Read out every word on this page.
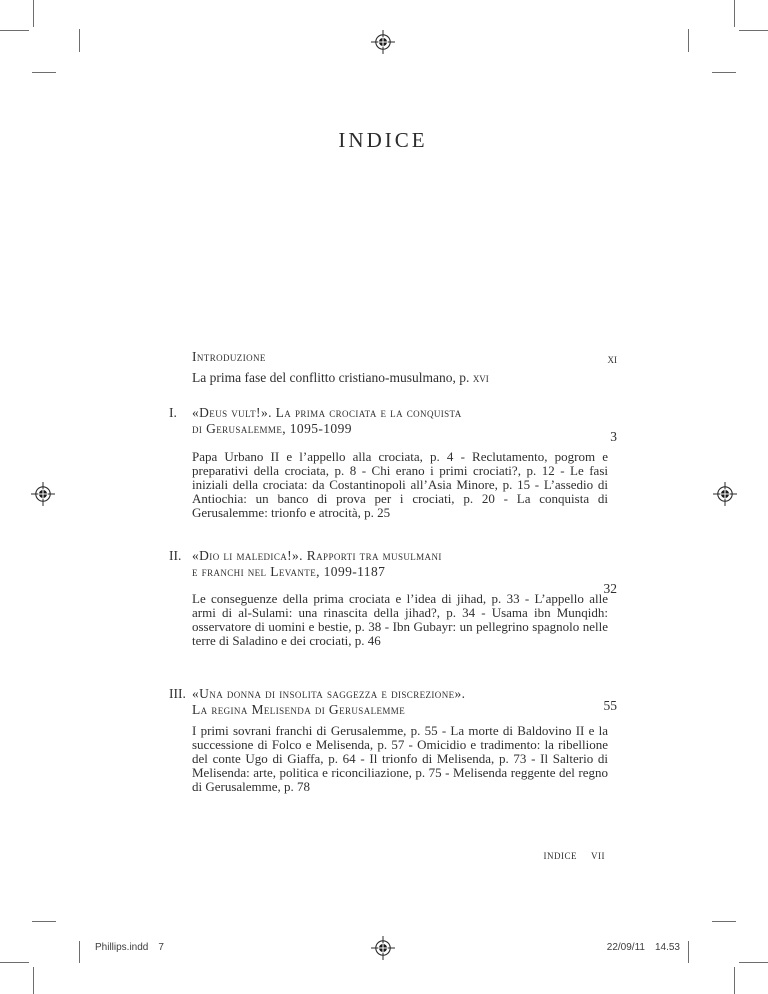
INDICE
Introduzione	xi
La prima fase del conflitto cristiano-musulmano, p. xvi
I. «Deus vult!». La prima crociata e la conquista
di Gerusalemme, 1095-1099
3
Papa Urbano II e l’appello alla crociata, p. 4 - Reclutamento, pogrom e preparativi della crociata, p. 8 - Chi erano i primi crociati?, p. 12 - Le fasi iniziali della crociata: da Costantinopoli all’Asia Minore, p. 15 - L’assedio di Antiochia: un banco di prova per i crociati, p. 20 - La conquista di Gerusalemme: trionfo e atrocità, p. 25
II. «Dio li maledica!». Rapporti tra musulmani
e franchi nel Levante, 1099-1187
32
Le conseguenze della prima crociata e l’idea di jihad, p. 33 - L’appello alle armi di al-Sulami: una rinascita della jihad?, p. 34 - Usama ibn Munqidh: osservatore di uomini e bestie, p. 38 - Ibn Gubayr: un pellegrino spagnolo nelle terre di Saladino e dei crociati, p. 46
III. «Una donna di insolita saggezza e discrezione».
La regina Melisenda di Gerusalemme	55
I primi sovrani franchi di Gerusalemme, p. 55 - La morte di Baldovino II e la successione di Folco e Melisenda, p. 57 - Omicidio e tradimento: la ribellione del conte Ugo di Giaffa, p. 64 - Il trionfo di Melisenda, p. 73 - Il Salterio di Melisenda: arte, politica e riconciliazione, p. 75 - Melisenda reggente del regno di Gerusalemme, p. 78
indice vii
Phillips.indd 7	22/09/11 14.53
